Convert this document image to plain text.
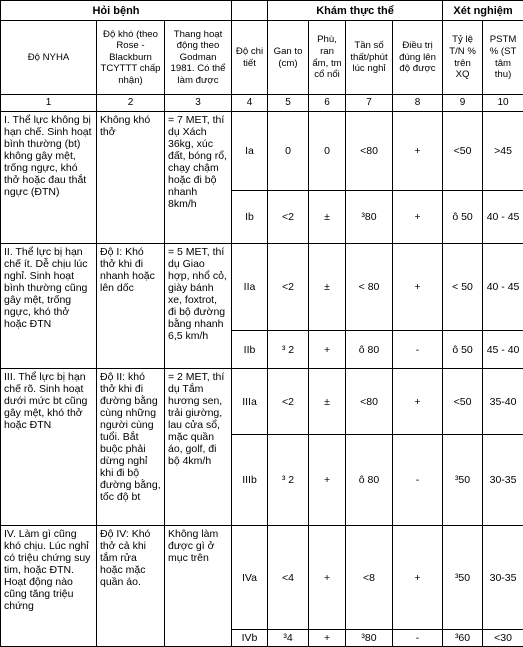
Hỏi bệnh				Khám thực thể				Xét nghiệm	
Độ NYHA	Độ khó (theo Rose - Blackburn TCYTTT chấp nhận)	Thang hoạt động theo Godman 1981. Có thể làm được	Độ chi tiết	Gan to (cm)	Phù, ran ẩm, tm cổ nổi	Tần số thất/phút lúc nghỉ	Điều trị đúng lên độ được	Tỷ lệ T/N % trên XQ	PSTM % (ST tâm thu)
1	2	3	4	5	6	7	8	9	10
I. Thể lực không bị hạn chế. Sinh hoạt bình thường (bt) không gây mệt, trống ngực, khó thở hoặc đau thắt ngực (ĐTN)	Không khó thở	= 7 MET, thí dụ Xách 36kg, xúc đất, bóng rổ, chạy chậm hoặc đi bộ nhanh 8km/h	Ia	0	0	<80	+	<50	>45
			Ib	<2	±	³80	+	ô 50	40 - 45
II. Thể lực bị hạn chế ít. Dễ chịu lúc nghỉ. Sinh hoạt bình thường cũng gây mệt, trống ngực, khó thở hoặc ĐTN	Độ I: Khó thở khi đi nhanh hoặc lên dốc	= 5 MET, thí dụ Giao hợp, nhổ cỏ, giày bánh xe, foxtrot, đi bộ đường bằng nhanh 6,5 km/h	IIa	<2	±	< 80	+	< 50	40 - 45
			IIb	³ 2	+	ô 80	-	ô 50	45 - 40
III. Thể lực bị hạn chế rõ. Sinh hoạt dưới mức bt cũng gây mệt, khó thở hoặc ĐTN	Độ II: khó thở khi đi đường bằng cùng những người cùng tuổi. Bắt buộc phải dừng nghỉ khi đi bộ đường bằng, tốc độ bt	= 2 MET, thí dụ Tắm hương sen, trải giường, lau cửa sổ, mặc quần áo, golf, đi bộ 4km/h	IIIa	<2	±	<80	+	<50	35-40
			IIIb	³ 2	+	ô 80	-	³50	30-35
IV. Làm gì cũng khó chịu. Lúc nghỉ có triệu chứng suy tim, hoặc ĐTN. Hoạt động nào cũng tăng triệu chứng	Độ IV: Khó thở cả khi tắm rửa hoặc mặc quần áo.	Không làm được gì ở mục trên	IVa	<4	+	<8	+	³50	30-35
			IVb	³4	+	³80	-	³60	<30
